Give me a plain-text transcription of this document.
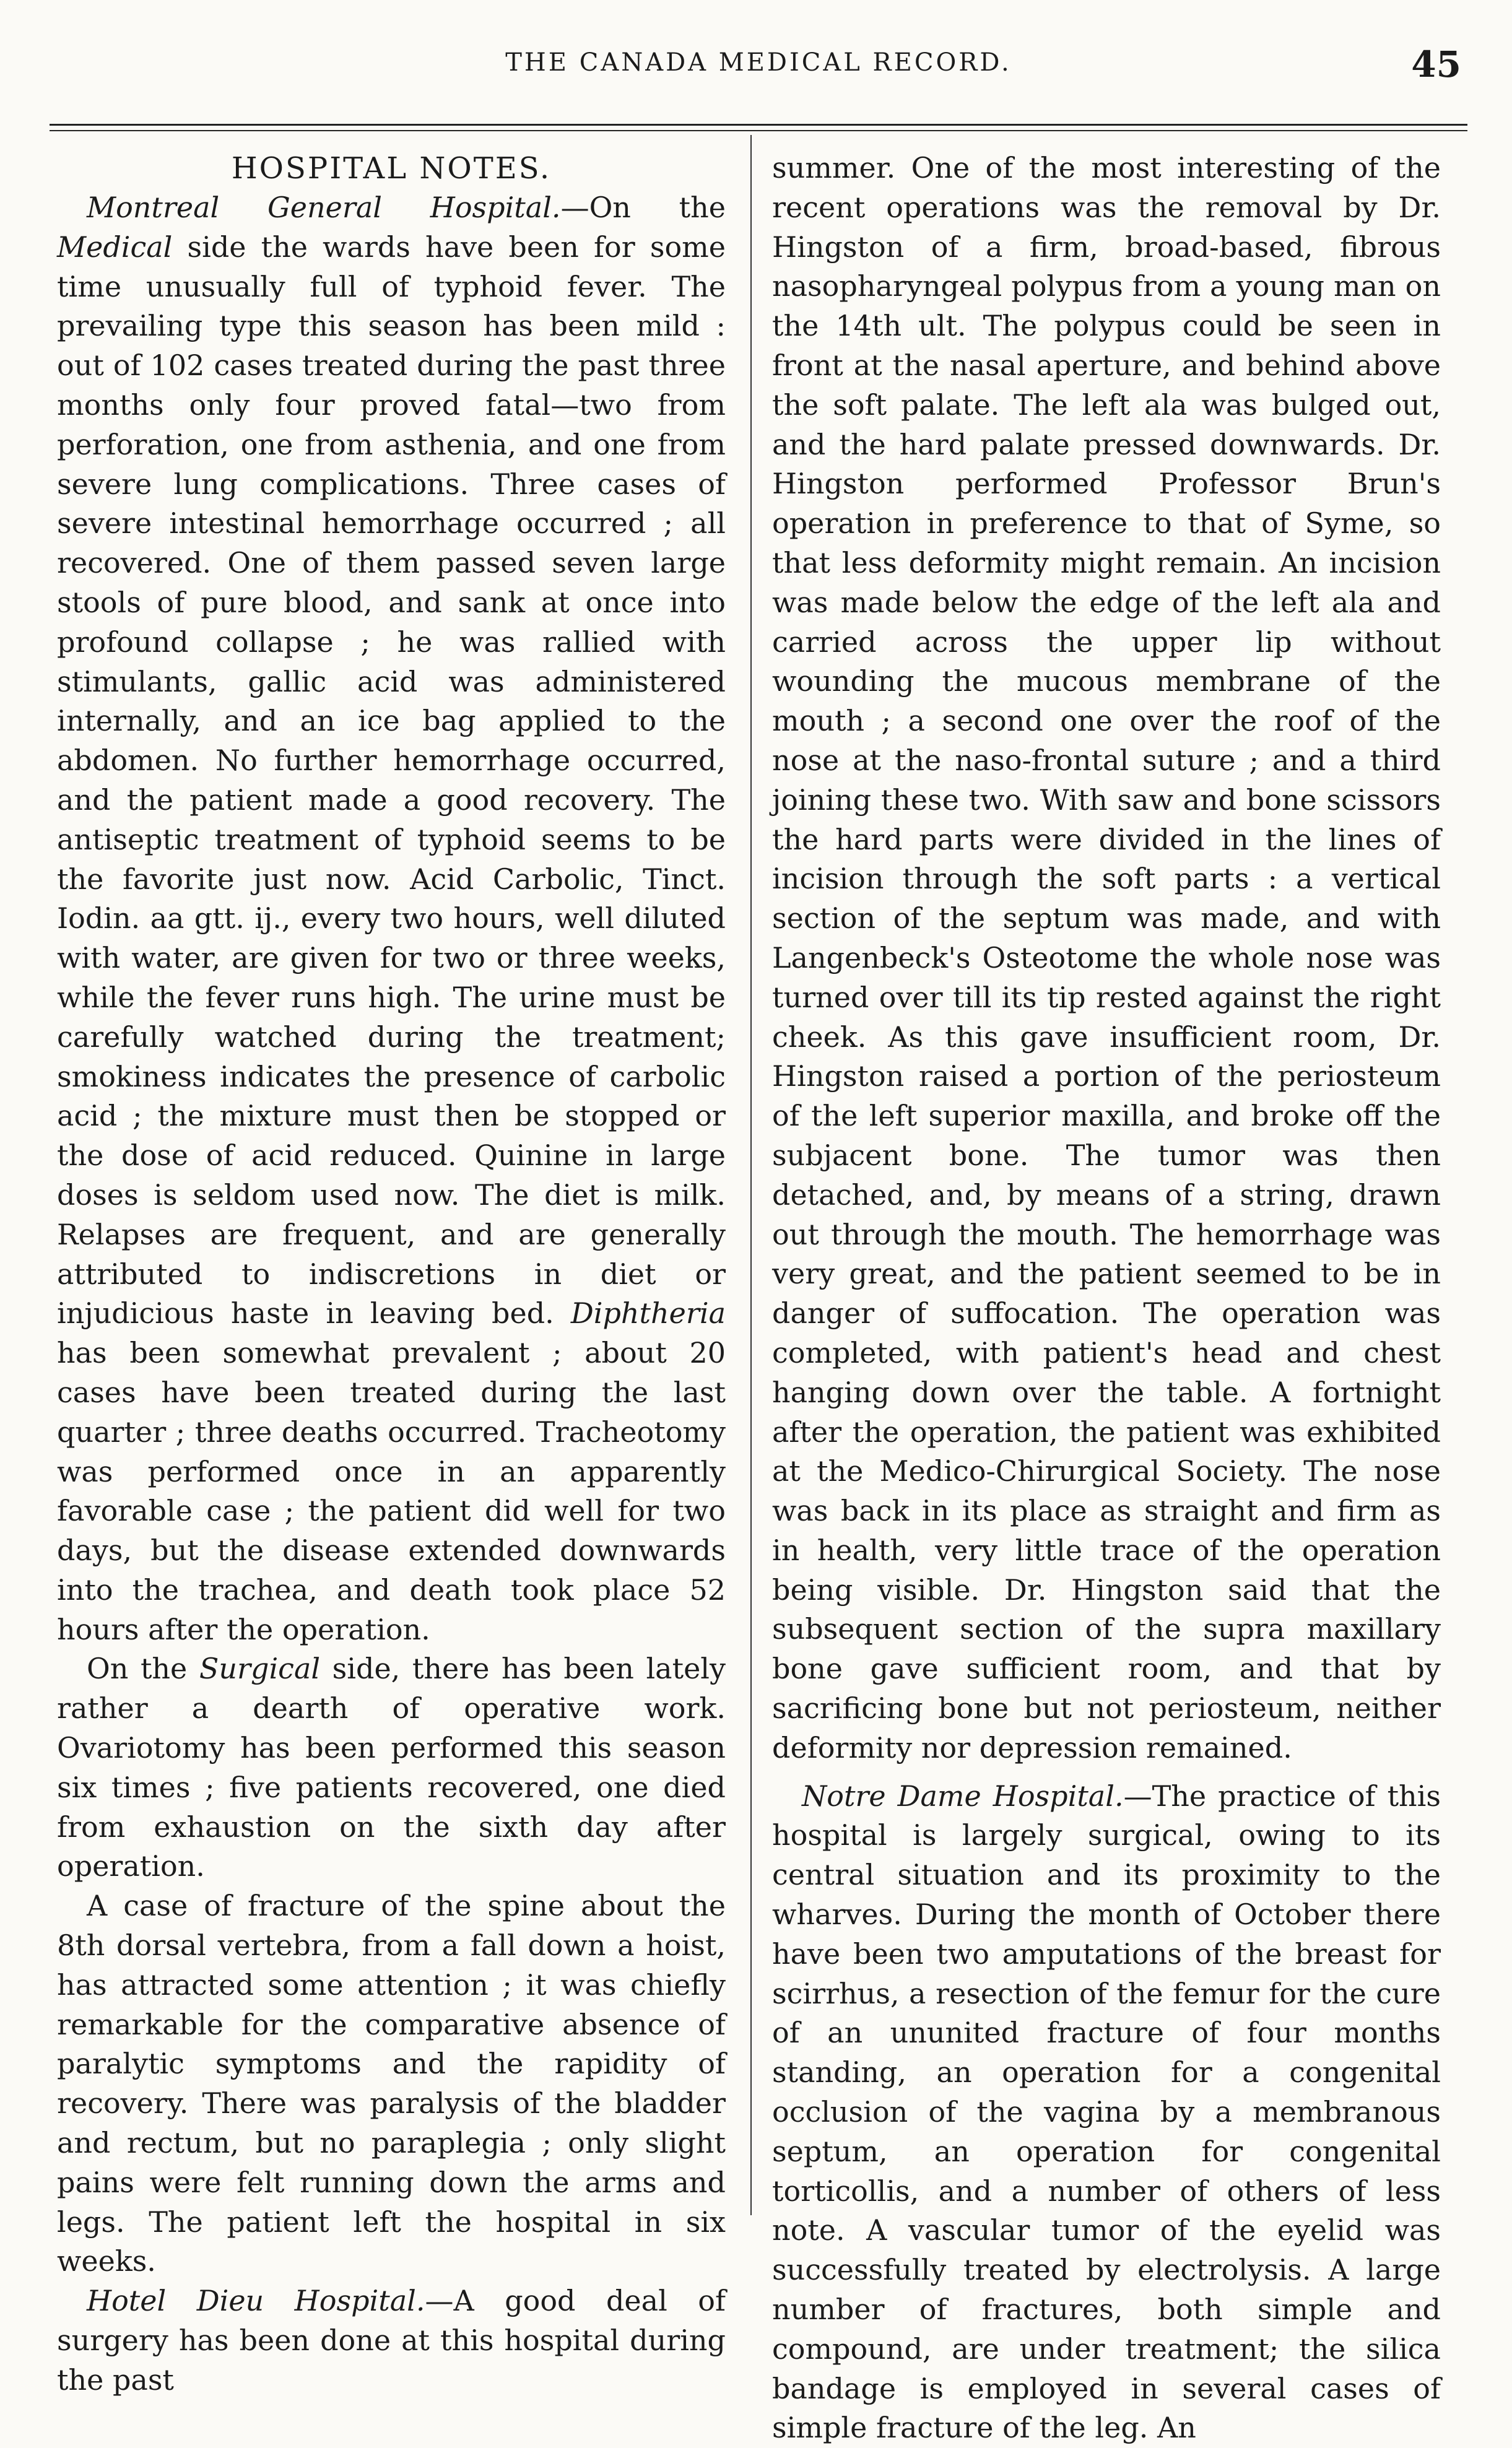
THE CANADA MEDICAL RECORD.	45

HOSPITAL NOTES.

Montreal General Hospital.—On the Medical side the wards have been for some time unusually full of typhoid fever. The prevailing type this season has been mild : out of 102 cases treated during the past three months only four proved fatal—two from perforation, one from asthenia, and one from severe lung complications. Three cases of severe intestinal hemorrhage occurred ; all recovered. One of them passed seven large stools of pure blood, and sank at once into profound collapse ; he was rallied with stimulants, gallic acid was administered internally, and an ice bag applied to the abdomen. No further hemorrhage occurred, and the patient made a good recovery. The antiseptic treatment of typhoid seems to be the favorite just now. Acid Carbolic, Tinct. Iodin. aa gtt. ij., every two hours, well diluted with water, are given for two or three weeks, while the fever runs high. The urine must be carefully watched during the treatment; smokiness indicates the presence of carbolic acid ; the mixture must then be stopped or the dose of acid reduced. Quinine in large doses is seldom used now. The diet is milk. Relapses are frequent, and are generally attributed to indiscretions in diet or injudicious haste in leaving bed. Diphtheria has been somewhat prevalent ; about 20 cases have been treated during the last quarter ; three deaths occurred. Tracheotomy was performed once in an apparently favorable case ; the patient did well for two days, but the disease extended downwards into the trachea, and death took place 52 hours after the operation.

On the Surgical side, there has been lately rather a dearth of operative work. Ovariotomy has been performed this season six times ; five patients recovered, one died from exhaustion on the sixth day after operation.

A case of fracture of the spine about the 8th dorsal vertebra, from a fall down a hoist, has attracted some attention ; it was chiefly remarkable for the comparative absence of paralytic symptoms and the rapidity of recovery. There was paralysis of the bladder and rectum, but no paraplegia ; only slight pains were felt running down the arms and legs. The patient left the hospital in six weeks.

Hotel Dieu Hospital.—A good deal of surgery has been done at this hospital during the past

summer. One of the most interesting of the recent operations was the removal by Dr. Hingston of a firm, broad-based, fibrous nasopharyngeal polypus from a young man on the 14th ult. The polypus could be seen in front at the nasal aperture, and behind above the soft palate. The left ala was bulged out, and the hard palate pressed downwards. Dr. Hingston performed Professor Brun's operation in preference to that of Syme, so that less deformity might remain. An incision was made below the edge of the left ala and carried across the upper lip without wounding the mucous membrane of the mouth ; a second one over the roof of the nose at the naso-frontal suture ; and a third joining these two. With saw and bone scissors the hard parts were divided in the lines of incision through the soft parts : a vertical section of the septum was made, and with Langenbeck's Osteotome the whole nose was turned over till its tip rested against the right cheek. As this gave insufficient room, Dr. Hingston raised a portion of the periosteum of the left superior maxilla, and broke off the subjacent bone. The tumor was then detached, and, by means of a string, drawn out through the mouth. The hemorrhage was very great, and the patient seemed to be in danger of suffocation. The operation was completed, with patient's head and chest hanging down over the table. A fortnight after the operation, the patient was exhibited at the Medico-Chirurgical Society. The nose was back in its place as straight and firm as in health, very little trace of the operation being visible. Dr. Hingston said that the subsequent section of the supra maxillary bone gave sufficient room, and that by sacrificing bone but not periosteum, neither deformity nor depression remained.

Notre Dame Hospital.—The practice of this hospital is largely surgical, owing to its central situation and its proximity to the wharves. During the month of October there have been two amputations of the breast for scirrhus, a resection of the femur for the cure of an ununited fracture of four months standing, an operation for a congenital occlusion of the vagina by a membranous septum, an operation for congenital torticollis, and a number of others of less note. A vascular tumor of the eyelid was successfully treated by electrolysis. A large number of fractures, both simple and compound, are under treatment; the silica bandage is employed in several cases of simple fracture of the leg. An
